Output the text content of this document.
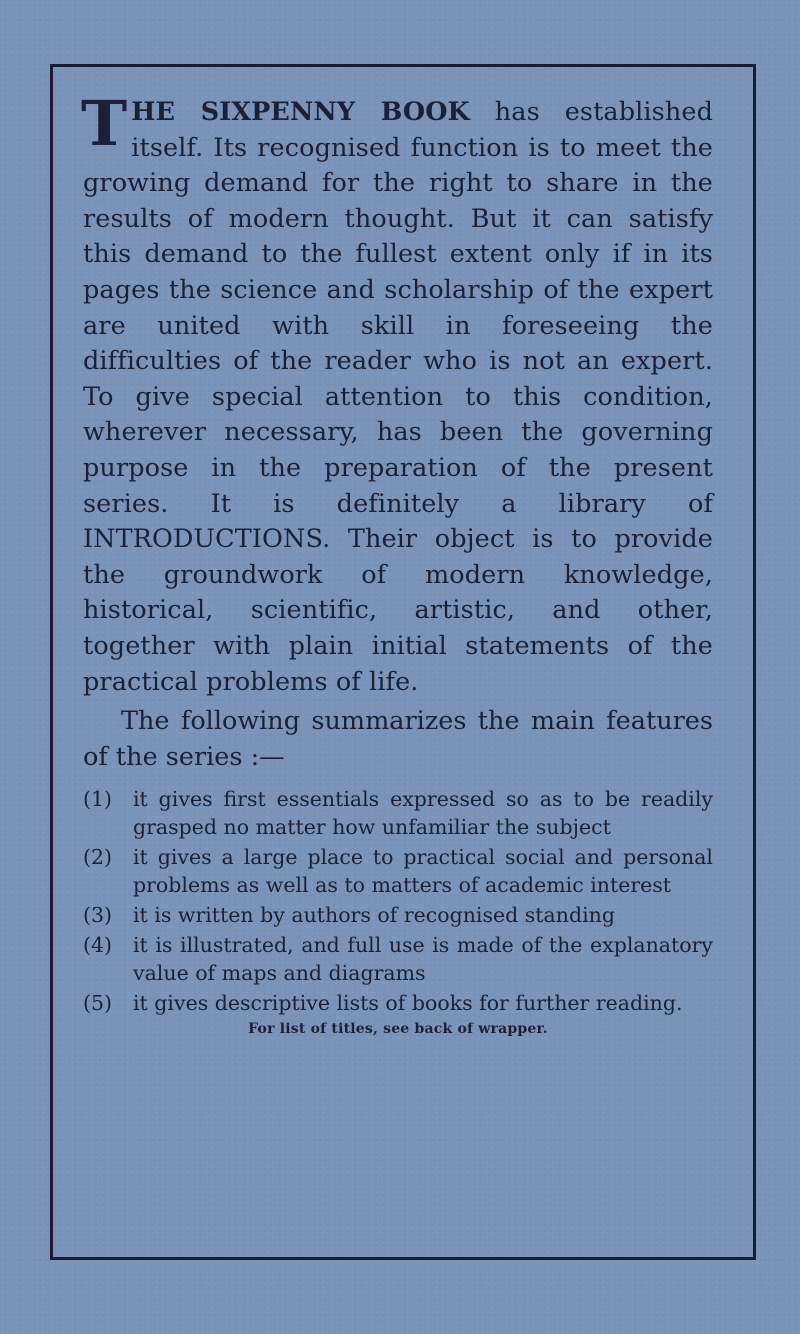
THE SIXPENNY BOOK has established itself. Its recognised function is to meet the growing demand for the right to share in the results of modern thought. But it can satisfy this demand to the fullest extent only if in its pages the science and scholarship of the expert are united with skill in foreseeing the difficulties of the reader who is not an expert. To give special attention to this condition, wherever necessary, has been the governing purpose in the preparation of the present series. It is definitely a library of INTRODUCTIONS. Their object is to provide the groundwork of modern knowledge, historical, scientific, artistic, and other, together with plain initial statements of the practical problems of life.

The following summarizes the main features of the series :—

(1)	it gives first essentials expressed so as to be readily grasped no matter how unfamiliar the subject
(2)	it gives a large place to practical social and personal problems as well as to matters of academic interest
(3)	it is written by authors of recognised standing
(4)	it is illustrated, and full use is made of the explanatory value of maps and diagrams
(5)	it gives descriptive lists of books for further reading.
For list of titles, see back of wrapper.
